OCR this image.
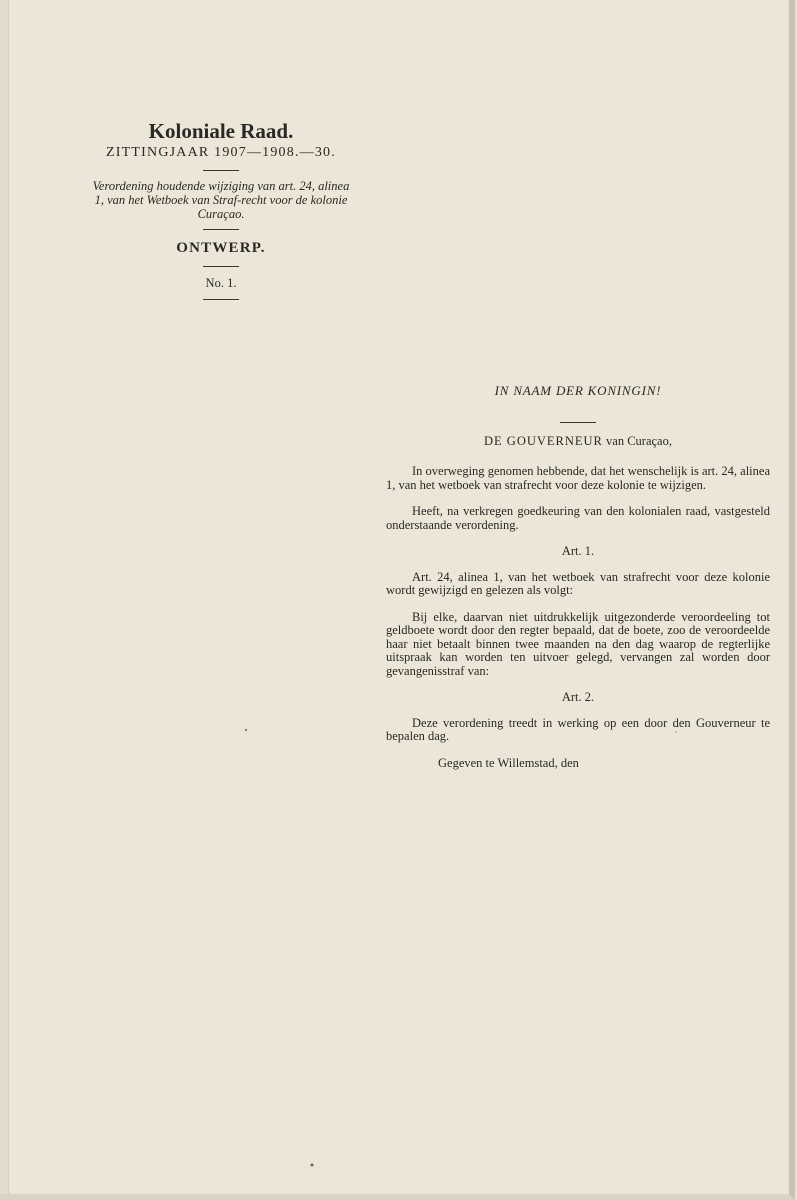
Koloniale Raad.

ZITTINGJAAR 1907—1908.—30.

Verordening houdende wijziging van art. 24, alinea 1, van het Wetboek van Straf-recht voor de kolonie Curaçao.

ONTWERP.

No. 1.

IN NAAM DER KONINGIN!

DE GOUVERNEUR van Curaçao,

In overweging genomen hebbende, dat het wenschelijk is art. 24, alinea 1, van het wetboek van strafrecht voor deze kolonie te wijzigen.

Heeft, na verkregen goedkeuring van den kolonialen raad, vastgesteld onderstaande verordening.

Art. 1.

Art. 24, alinea 1, van het wetboek van strafrecht voor deze kolonie wordt gewijzigd en gelezen als volgt:

Bij elke, daarvan niet uitdrukkelijk uitgezonderde veroordeeling tot geldboete wordt door den regter bepaald, dat de boete, zoo de veroordeelde haar niet betaalt binnen twee maanden na den dag waarop de regterlijke uitspraak kan worden ten uitvoer gelegd, vervangen zal worden door gevangenisstraf van:

Art. 2.

Deze verordening treedt in werking op een door den Gouverneur te bepalen dag.

Gegeven te Willemstad, den
